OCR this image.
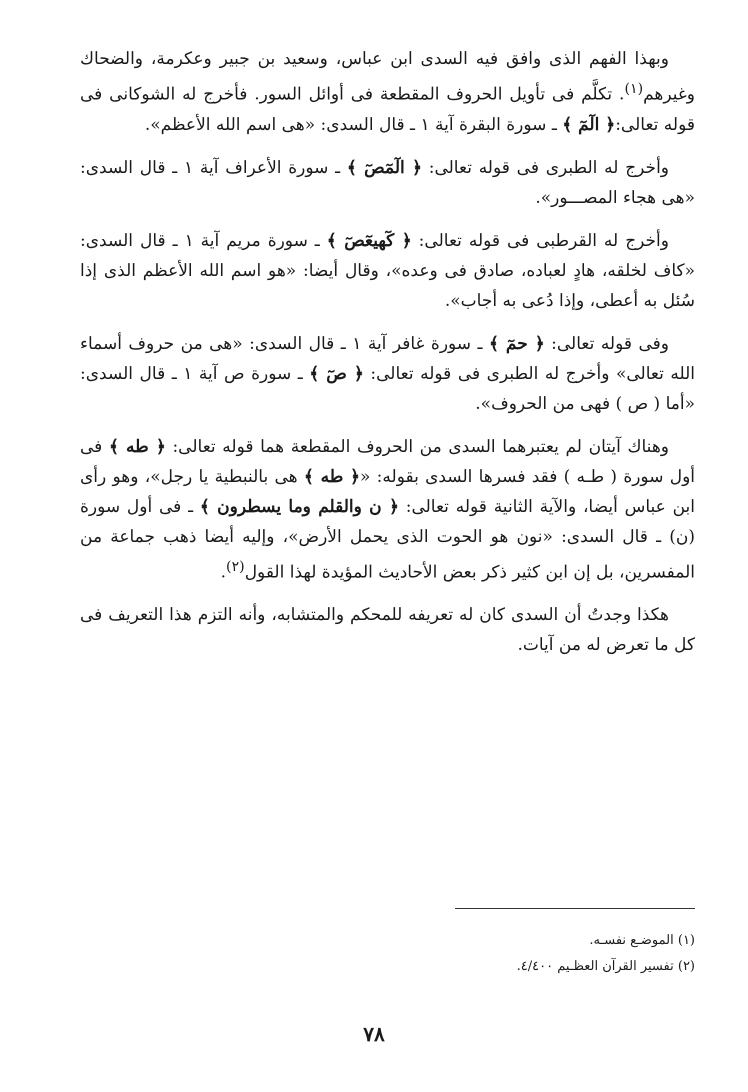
وبهذا الفهم الذى وافق فيه السدى ابن عباس، وسعيد بن جبير وعكرمة، والضحاك وغيرهم$^{(١)}$. تكلَّم فى تأويل الحروف المقطعة فى أوائل السور. فأخرج له الشوكانى فى قوله تعالى:﴿ الٓمٓ ﴾ ـ سورة البقرة آية ١ ـ قال السدى: «هى اسم الله الأعظم».

وأخرج له الطبرى فى قوله تعالى: ﴿ الٓمٓصٓ ﴾ ـ سورة الأعراف آية ١ ـ قال السدى: «هى هجاء المصـــور».

وأخرج له القرطبى فى قوله تعالى: ﴿ كٓهيعٓصٓ ﴾ ـ سورة مريم آية ١ ـ قال السدى: «كاف لخلقه، هادٍ لعباده، صادق فى وعده»، وقال أيضا: «هو اسم الله الأعظم الذى إذا سُئل به أعطى، وإذا دُعى به أجاب».

وفى قوله تعالى: ﴿ حمٓ ﴾ ـ سورة غافر آية ١ ـ قال السدى: «هى من حروف أسماء الله تعالى» وأخرج له الطبرى فى قوله تعالى: ﴿ صٓ ﴾ ـ سورة ص آية ١ ـ قال السدى: «أما ( ص ) فهى من الحروف».

وهناك آيتان لم يعتبرهما السدى من الحروف المقطعة هما قوله تعالى: ﴿ طه ﴾ فى أول سورة ( طـه ) فقد فسرها السدى بقوله: «﴿ طه ﴾ هى بالنبطية يا رجل»، وهو رأى ابن عباس أيضا، والآية الثانية قوله تعالى: ﴿ ن والقلم وما يسطرون ﴾ ـ فى أول سورة (ن) ـ قال السدى: «نون هو الحوت الذى يحمل الأرض»، وإليه أيضا ذهب جماعة من المفسرين، بل إن ابن كثير ذكر بعض الأحاديث المؤيدة لهذا القول$^{(٢)}$.

هكذا وجدتُ أن السدى كان له تعريفه للمحكم والمتشابه، وأنه التزم هذا التعريف فى كل ما تعرض له من آيات.

(١) الموضـع نفسـه.
(٢) تفسير القرآن العظـيم ٤/٤٠٠.
٧٨
